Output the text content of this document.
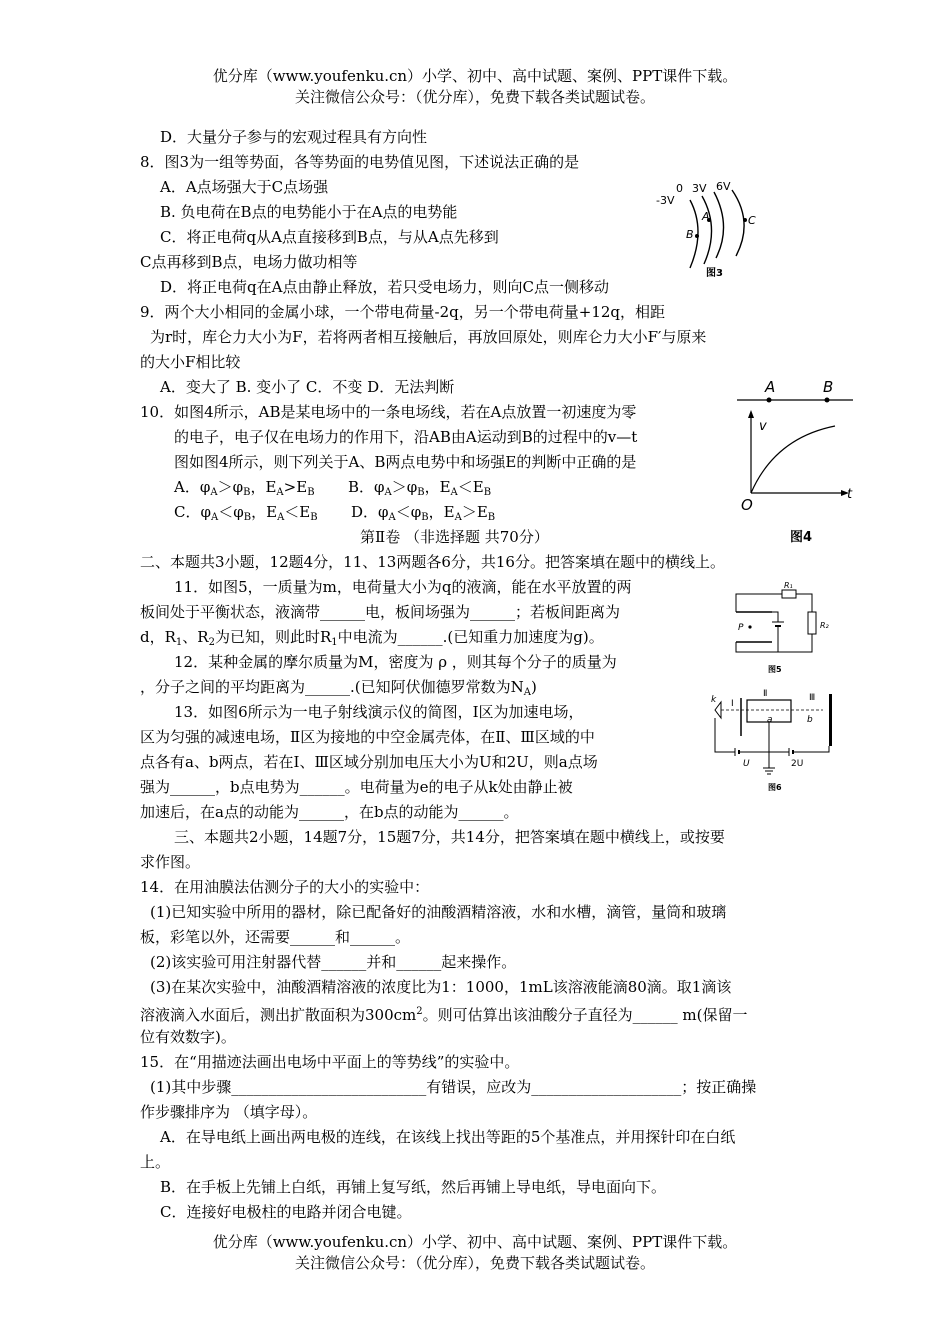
优分库（www.youfenku.cn）小学、初中、高中试题、案例、PPT课件下载。
关注微信公众号：（优分库），免费下载各类试题试卷。
D．大量分子参与的宏观过程具有方向性
8．图3为一组等势面，各等势面的电势值见图，下述说法正确的是
A．A点场强大于C点场强
B. 负电荷在B点的电势能小于在A点的电势能
C．将正电荷q从A点直接移到B点，与从A点先移到
C点再移到B点，电场力做功相等
D．将正电荷q在A点由静止释放，若只受电场力，则向C点一侧移动
9．两个大小相同的金属小球，一个带电荷量-2q，另一个带电荷量+12q，相距
为r时，库仑力大小为F，若将两者相互接触后，再放回原处，则库仑力大小F′与原来
的大小F相比较
A．变大了 B. 变小了 C．不变 D．无法判断
10．如图4所示，AB是某电场中的一条电场线，若在A点放置一初速度为零
的电子，电子仅在电场力的作用下，沿AB由A运动到B的过程中的v—t
图如图4所示，则下列关于A、B两点电势中和场强E的判断中正确的是
A．$\varphi_A>\varphi_B$，$E_A>E_B$ B．$\varphi_A>\varphi_B$，$E_A<E_B$
C．$\varphi_A<\varphi_B$，$E_A<E_B$ D．$\varphi_A<\varphi_B$，$E_A>E_B$
第Ⅱ卷 （非选择题 共70分）
二、本题共3小题，12题4分，11、13两题各6分，共16分。把答案填在题中的横线上。
11．如图5，一质量为m，电荷量大小为q的液滴，能在水平放置的两
板间处于平衡状态，液滴带______电，板间场强为______；若板间距离为
d，$R_1$、$R_2$为已知，则此时$R_1$中电流为______.(已知重力加速度为g)。
12．某种金属的摩尔质量为M，密度为 ρ ，则其每个分子的质量为
，分子之间的平均距离为______.(已知阿伏伽德罗常数为$N_A$)
13．如图6所示为一电子射线演示仪的简图，Ⅰ区为加速电场，
区为匀强的减速电场，Ⅱ区为接地的中空金属壳体，在Ⅱ、Ⅲ区域的中
点各有a、b两点，若在Ⅰ、Ⅲ区域分别加电压大小为U和2U，则a点场
强为______，b点电势为______。电荷量为e的电子从k处由静止被
加速后，在a点的动能为______，在b点的动能为______。
三、本题共2小题，14题7分，15题7分，共14分，把答案填在题中横线上，或按要
求作图。
14．在用油膜法估测分子的大小的实验中：
(1)已知实验中所用的器材，除已配备好的油酸酒精溶液，水和水槽，滴管，量筒和玻璃
板，彩笔以外，还需要______和______。
(2)该实验可用注射器代替______并和______起来操作。
(3)在某次实验中，油酸酒精溶液的浓度比为1：1000，1mL该溶液能滴80滴。取1滴该
溶液滴入水面后，测出扩散面积为$300cm^2$。则可估算出该油酸分子直径为______ m(保留一
位有效数字)。
15．在“用描迹法画出电场中平面上的等势线”的实验中。
(1)其中步骤__________________________有错误，应改为____________________；按正确操
作步骤排序为 （填字母）。
A．在导电纸上画出两电极的连线，在该线上找出等距的5个基准点，并用探针印在白纸
上。
B．在手板上先铺上白纸，再铺上复写纸，然后再铺上导电纸，导电面向下。
C．连接好电极柱的电路并闭合电键。
优分库（www.youfenku.cn）小学、初中、高中试题、案例、PPT课件下载。
关注微信公众号：（优分库），免费下载各类试题试卷。
-3V
0 3V 6V
A
B
C
图3
A	B
v
O
t
图4
R₁
R₂
P
图5
k Ⅰ
Ⅱ	Ⅲ
a	b
U	2U
图6
